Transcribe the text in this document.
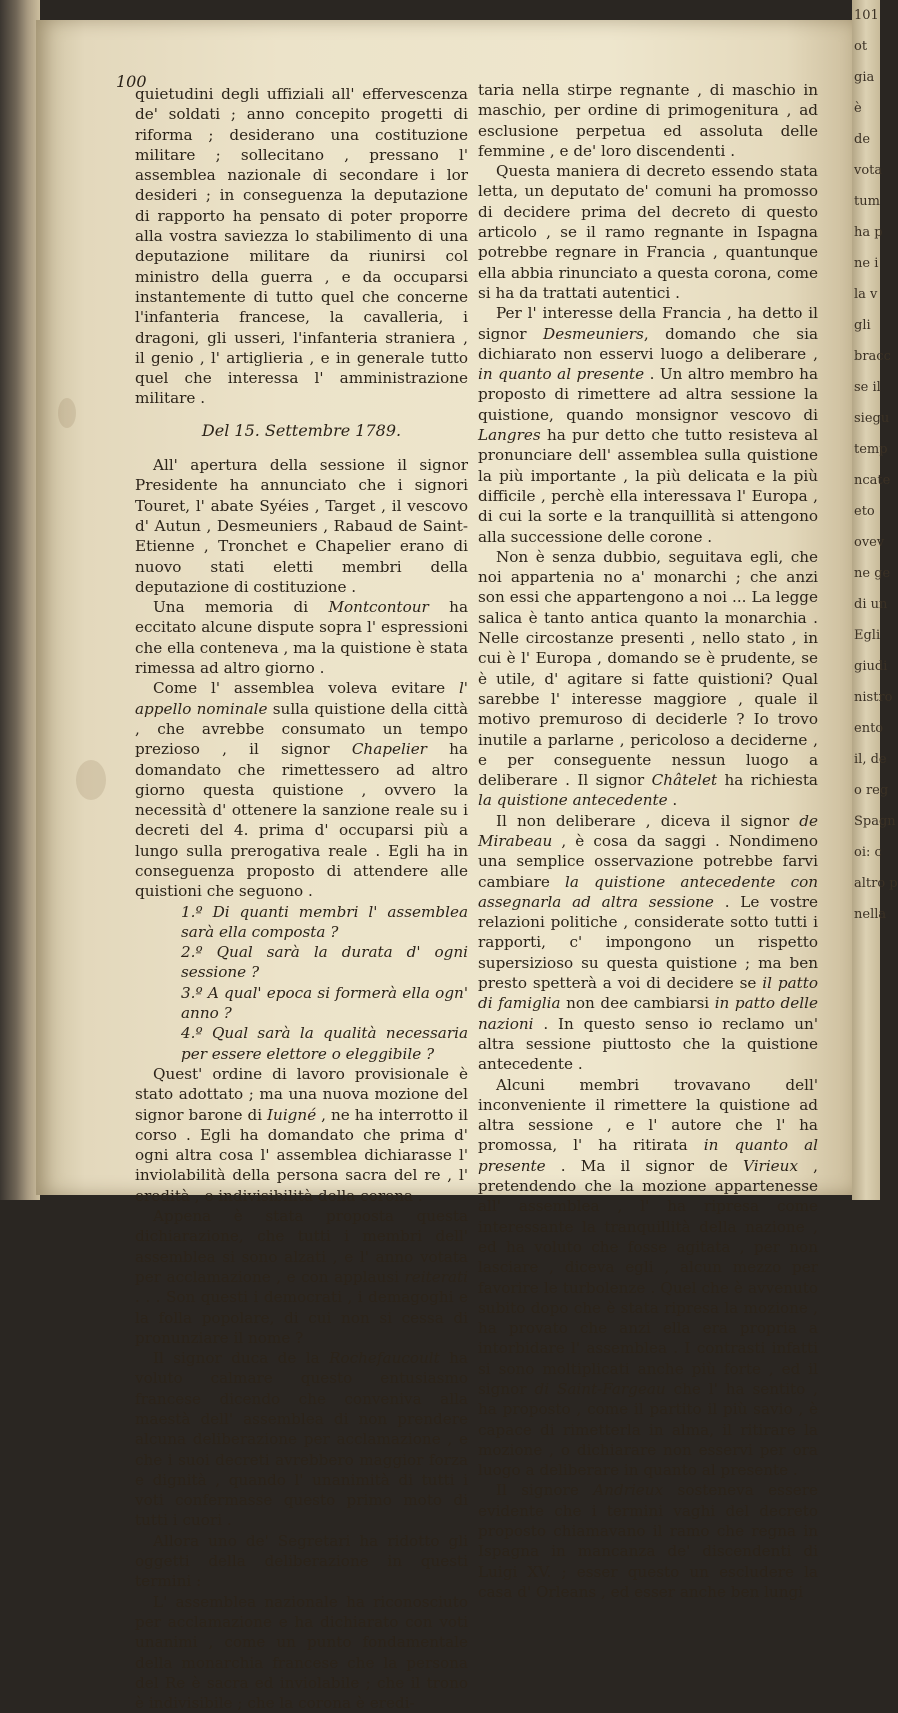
101
ot
gia
è
de
vota
tum
ha p
ne i
la v
gli
bracc
se il
siegu
temp
ncate
eto
ovev
ne ge
di un
Egli
giudi
nistro
ento
il, de
o reg
Spagn
oi: c
altro p
nella
100

quietudini degli uffiziali all' effervescenza de' soldati ; anno concepito progetti di riforma ; desiderano una costituzione militare ; sollecitano , pressano l' assemblea nazionale di secondare i lor desideri ; in conseguenza la deputazione di rapporto ha pensato di poter proporre alla vostra saviezza lo stabilimento di una deputazione militare da riunirsi col ministro della guerra , e da occuparsi instantemente di tutto quel che concerne l'infanteria francese, la cavalleria, i dragoni, gli usseri, l'infanteria straniera , il genio , l' artiglieria , e in generale tutto quel che interessa l' amministrazione militare .

Del 15. Settembre 1789.

All' apertura della sessione il signor Presidente ha annunciato che i signori Touret, l' abate Syéies , Target , il vescovo d' Autun , Desmeuniers , Rabaud de Saint-Etienne , Tronchet e Chapelier erano di nuovo stati eletti membri della deputazione di costituzione .

Una memoria di Montcontour ha eccitato alcune dispute sopra l' espressioni che ella conteneva , ma la quistione è stata rimessa ad altro giorno .

Come l' assemblea voleva evitare l' appello nominale sulla quistione della città , che avrebbe consumato un tempo prezioso , il signor Chapelier ha domandato che rimettessero ad altro giorno questa quistione , ovvero la necessità d' ottenere la sanzione reale su i decreti del 4. prima d' occuparsi più a lungo sulla prerogativa reale . Egli ha in conseguenza proposto di attendere alle quistioni che seguono .

1.º Di quanti membri l' assemblea sarà ella composta ?

2.º Qual sarà la durata d' ogni sessione ?

3.º A qual' epoca si formerà ella ogn' anno ?

4.º Qual sarà la qualità necessaria per essere elettore o eleggibile ?

Quest' ordine di lavoro provisionale è stato adottato ; ma una nuova mozione del signor barone di Iuigné , ne ha interrotto il corso . Egli ha domandato che prima d' ogni altra cosa l' assemblea dichiarasse l' inviolabilità della persona sacra del re , l' eredità , e indivisibilità della corona .

Appena è stata proposta questa dichiarazione, che tutti i membri dell' assemblea si sono alzati , e l' anno votata per acclamazione , e con applausi reiterati . . . Son questi i democrati , i demagoghi e la folla popolare, di cui non si cessa di pronunziare il nome ?

Il signor duca de la Rochefaucoult ha voluto calmare questo entusiasmo francese dicendo che conveniva alla maestà dell' assemblea di non prendere alcuna deliberazione per acclamazione , e che i suoi decreti avrebbero maggior forza e dignità , quando l' unanimità di tutti i voti confermasse questo primo moto di tutti i cuori .

Allora uno de' Segretari ha ridotto gli oggetti della deliberazione in questi termini :

L' assemblea nazionale ha riconosciuto per acclamazione e ha dichiarato con voti unanimi , come un punto fondamentale della monarchia francese che la persona del Re è sacra ed inviolabile ; che il trono è indivisibile ; che la corona è eredi-

taria nella stirpe regnante , di maschio in maschio, per ordine di primogenitura , ad esclusione perpetua ed assoluta delle femmine , e de' loro discendenti .

Questa maniera di decreto essendo stata letta, un deputato de' comuni ha promosso di decidere prima del decreto di questo articolo , se il ramo regnante in Ispagna potrebbe regnare in Francia , quantunque ella abbia rinunciato a questa corona, come si ha da trattati autentici .

Per l' interesse della Francia , ha detto il signor Desmeuniers, domando che sia dichiarato non esservi luogo a deliberare , in quanto al presente . Un altro membro ha proposto di rimettere ad altra sessione la quistione, quando monsignor vescovo di Langres ha pur detto che tutto resisteva al pronunciare dell' assemblea sulla quistione la più importante , la più delicata e la più difficile , perchè ella interessava l' Europa , di cui la sorte e la tranquillità si attengono alla successione delle corone .

Non è senza dubbio, seguitava egli, che noi appartenia no a' monarchi ; che anzi son essi che appartengono a noi ... La legge salica è tanto antica quanto la monarchia . Nelle circostanze presenti , nello stato , in cui è l' Europa , domando se è prudente, se è utile, d' agitare si fatte quistioni? Qual sarebbe l' interesse maggiore , quale il motivo premuroso di deciderle ? Io trovo inutile a parlarne , pericoloso a deciderne , e per conseguente nessun luogo a deliberare . Il signor Châtelet ha richiesta la quistione antecedente .

Il non deliberare , diceva il signor de Mirabeau , è cosa da saggi . Nondimeno una semplice osservazione potrebbe farvi cambiare la quistione antecedente con assegnarla ad altra sessione . Le vostre relazioni politiche , considerate sotto tutti i rapporti, c' impongono un rispetto supersizioso su questa quistione ; ma ben presto spetterà a voi di decidere se il patto di famiglia non dee cambiarsi in patto delle nazioni . In questo senso io reclamo un' altra sessione piuttosto che la quistione antecedente .

Alcuni membri trovavano dell' inconveniente il rimettere la quistione ad altra sessione , e l' autore che l' ha promossa, l' ha ritirata in quanto al presente . Ma il signor de Virieux , pretendendo che la mozione appartenesse all' assemblea , l' ha ripresa come interessante la tranquillità della nazione , ed ha voluto che fosse agitata , per non lasciare , diceva egli , alcun mezzo per favorire le turbolenze . Quel che è avvenuto subito dopo che è stata ripresa la mozione , ha provato che anzi ella era propria a intorbidare l' assemblea . I contrasti infatti si sono moltiplicati anche più forte , ed il signor di Saint-Fargeau che l' ha sentito , ha proposto , come il partito il più savio , è capace di rimetterla in alma, il ritirare la mozione , o dichiarare non esservi per ora luogo a deliberare in quanto al presente .

Il signore Andrieux sosteneva essere evidente che i termini vaghi del decreto proposto chiamavano il ramo che regna in Ispagna in mancanza de' discendenti di Luigi XV. ; esser questo un escludere la casa d' Orleans , ed esser anche ben lungi
